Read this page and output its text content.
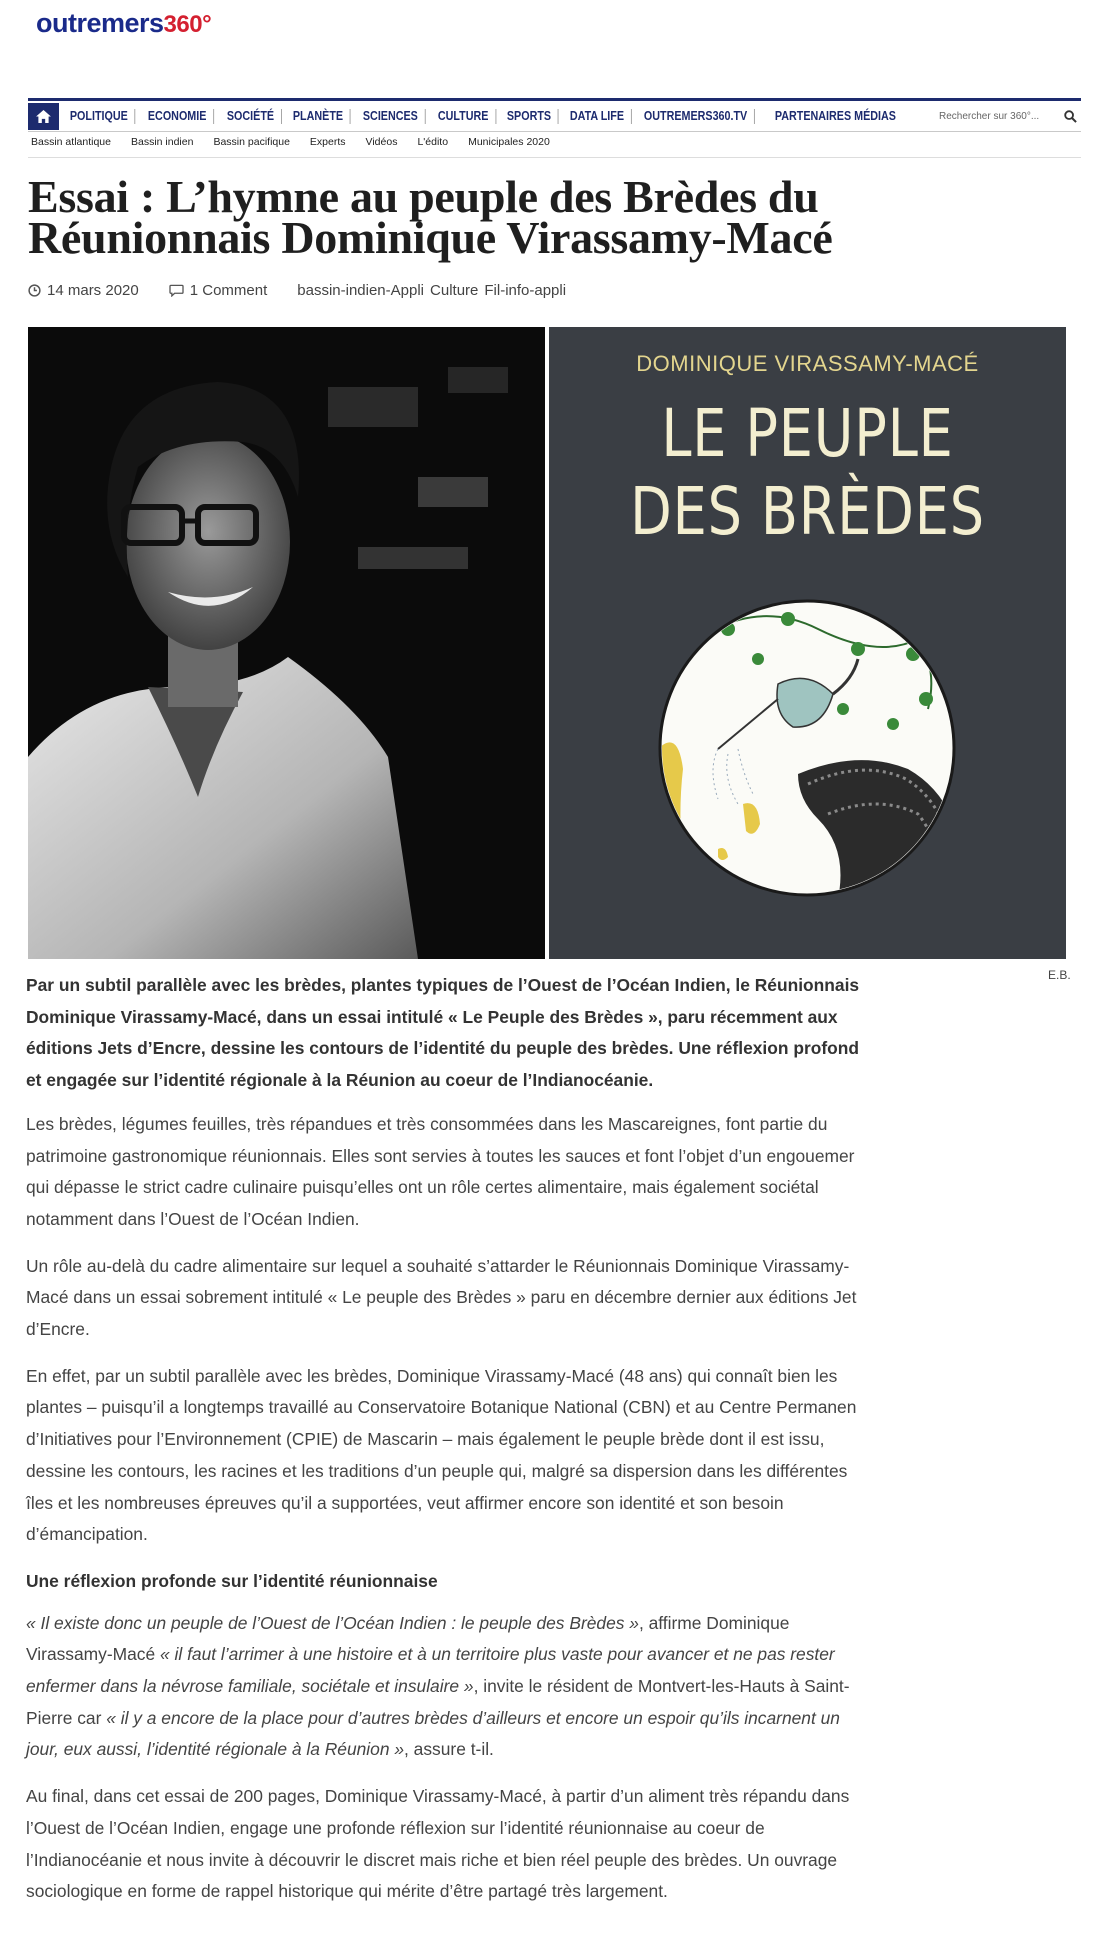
outremers360°
POLITIQUE	ECONOMIE	SOCIÉTÉ	PLANÈTE	SCIENCES	CULTURE	SPORTS	DATA LIFE	OUTREMERS360.TV	PARTENAIRES MÉDIAS
Rechercher sur 360°...
Bassin atlantique Bassin indien Bassin pacifique Experts Vidéos L'édito Municipales 2020
Essai : L’hymne au peuple des Brèdes du
Réunionnais Dominique Virassamy-Macé
14 mars 2020	1 Comment bassin-indien-Appli Culture Fil-info-appli
DOMINIQUE VIRASSAMY-MACÉ
LE PEUPLE
DES BRÈDES
E.B.

Par un subtil parallèle avec les brèdes, plantes typiques de l’Ouest de l’Océan Indien, le Réunionnais
Dominique Virassamy-Macé, dans un essai intitulé « Le Peuple des Brèdes », paru récemment aux
éditions Jets d’Encre, dessine les contours de l’identité du peuple des brèdes. Une réflexion profond
et engagée sur l’identité régionale à la Réunion au coeur de l’Indianocéanie.

Les brèdes, légumes feuilles, très répandues et très consommées dans les Mascareignes, font partie du
patrimoine gastronomique réunionnais. Elles sont servies à toutes les sauces et font l’objet d’un engouemer
qui dépasse le strict cadre culinaire puisqu’elles ont un rôle certes alimentaire, mais également sociétal
notamment dans l’Ouest de l’Océan Indien.

Un rôle au-delà du cadre alimentaire sur lequel a souhaité s’attarder le Réunionnais Dominique Virassamy-
Macé dans un essai sobrement intitulé « Le peuple des Brèdes » paru en décembre dernier aux éditions Jet
d’Encre.

En effet, par un subtil parallèle avec les brèdes, Dominique Virassamy-Macé (48 ans) qui connaît bien les
plantes – puisqu’il a longtemps travaillé au Conservatoire Botanique National (CBN) et au Centre Permanen
d’Initiatives pour l’Environnement (CPIE) de Mascarin – mais également le peuple brède dont il est issu,
dessine les contours, les racines et les traditions d’un peuple qui, malgré sa dispersion dans les différentes
îles et les nombreuses épreuves qu’il a supportées, veut affirmer encore son identité et son besoin
d’émancipation.

Une réflexion profonde sur l’identité réunionnaise

« Il existe donc un peuple de l’Ouest de l’Océan Indien : le peuple des Brèdes », affirme Dominique
Virassamy-Macé « il faut l’arrimer à une histoire et à un territoire plus vaste pour avancer et ne pas rester
enfermer dans la névrose familiale, sociétale et insulaire », invite le résident de Montvert-les-Hauts à Saint-
Pierre car « il y a encore de la place pour d’autres brèdes d’ailleurs et encore un espoir qu’ils incarnent un
jour, eux aussi, l’identité régionale à la Réunion », assure t-il.

Au final, dans cet essai de 200 pages, Dominique Virassamy-Macé, à partir d’un aliment très répandu dans
l’Ouest de l’Océan Indien, engage une profonde réflexion sur l’identité réunionnaise au coeur de
l’Indianocéanie et nous invite à découvrir le discret mais riche et bien réel peuple des brèdes. Un ouvrage
sociologique en forme de rappel historique qui mérite d’être partagé très largement.
